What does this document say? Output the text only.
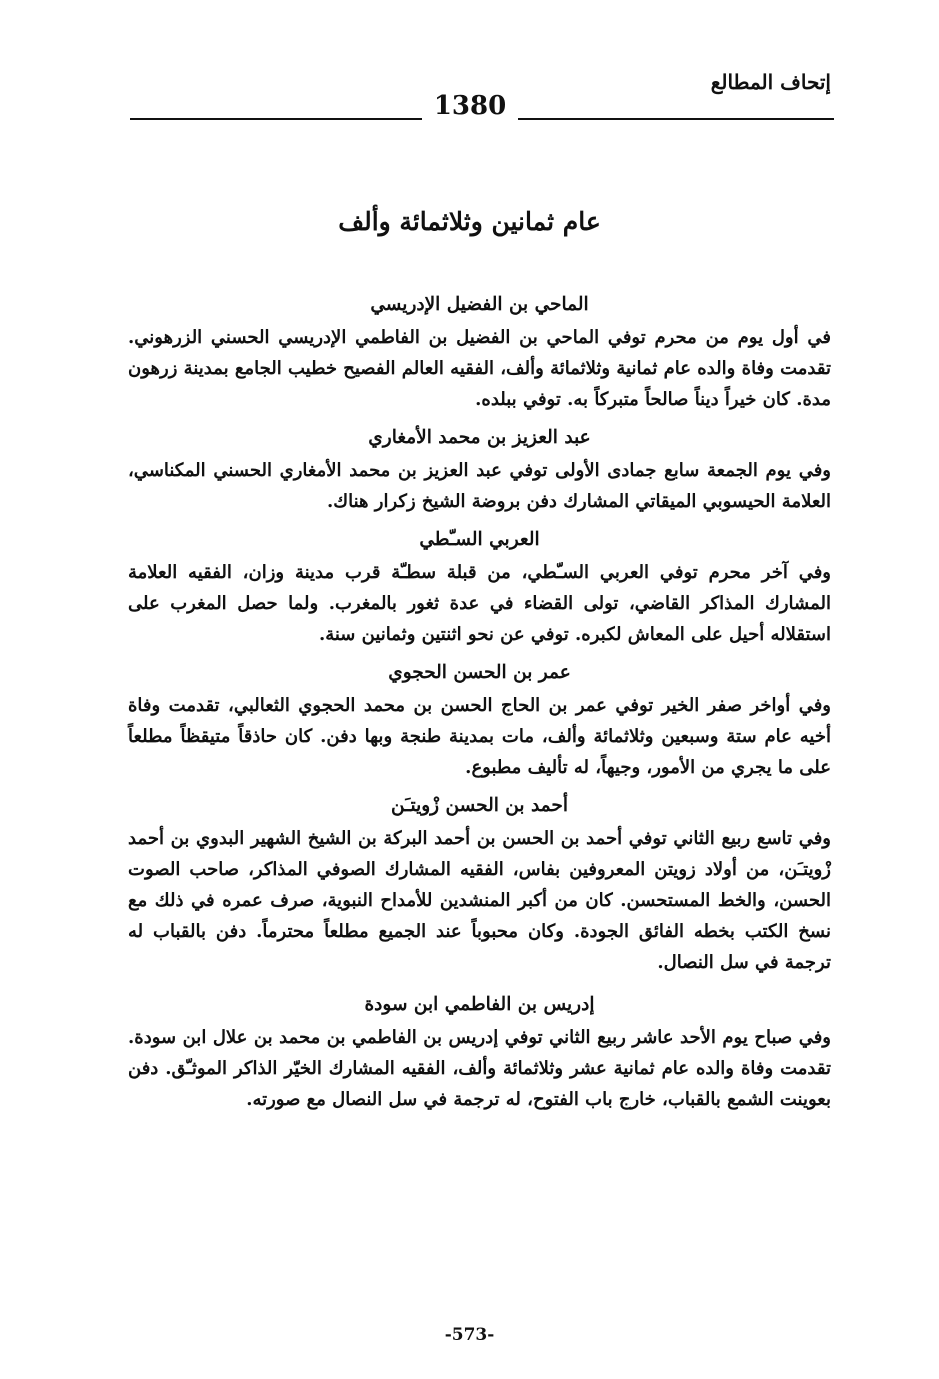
إتحاف المطالع
1380
عام ثمانين وثلاثمائة وألف
الماحي بن الفضيل الإدريسي

في أول يوم من محرم توفي الماحي بن الفضيل بن الفاطمي الإدريسي الحسني الزرهوني. تقدمت وفاة والده عام ثمانية وثلاثمائة وألف، الفقيه العالم الفصيح خطيب الجامع بمدينة زرهون مدة. كان خيراً ديناً صالحاً متبركاً به. توفي ببلده.

عبد العزيز بن محمد الأمغاري

وفي يوم الجمعة سابع جمادى الأولى توفي عبد العزيز بن محمد الأمغاري الحسني المكناسي، العلامة الحيسوبي الميقاتي المشارك دفن بروضة الشيخ زكرار هناك.

العربي السـّطي

وفي آخر محرم توفي العربي السـّطي، من قبلة سطـّة قرب مدينة وزان، الفقيه العلامة المشارك المذاكر القاضي، تولى القضاء في عدة ثغور بالمغرب. ولما حصل المغرب على استقلاله أحيل على المعاش لكبره. توفي عن نحو اثنتين وثمانين سنة.

عمر بن الحسن الحجوي

وفي أواخر صفر الخير توفي عمر بن الحاج الحسن بن محمد الحجوي الثعالبي، تقدمت وفاة أخيه عام ستة وسبعين وثلاثمائة وألف، مات بمدينة طنجة وبها دفن. كان حاذقاً متيقظاً مطلعاً على ما يجري من الأمور، وجيهاً، له تأليف مطبوع.

أحمد بن الحسن زْويتـَن

وفي تاسع ربيع الثاني توفي أحمد بن الحسن بن أحمد البركة بن الشيخ الشهير البدوي بن أحمد زْويتـَن، من أولاد زويتن المعروفين بفاس، الفقيه المشارك الصوفي المذاكر، صاحب الصوت الحسن، والخط المستحسن. كان من أكبر المنشدين للأمداح النبوية، صرف عمره في ذلك مع نسخ الكتب بخطه الفائق الجودة. وكان محبوباً عند الجميع مطلعاً محترماً. دفن بالقباب له ترجمة في سل النصال.

إدريس بن الفاطمي ابن سودة

وفي صباح يوم الأحد عاشر ربيع الثاني توفي إدريس بن الفاطمي بن محمد بن علال ابن سودة. تقدمت وفاة والده عام ثمانية عشر وثلاثمائة وألف، الفقيه المشارك الخيّر الذاكر الموثـّق. دفن بعوينت الشمع بالقباب، خارج باب الفتوح، له ترجمة في سل النصال مع صورته.

-573-
